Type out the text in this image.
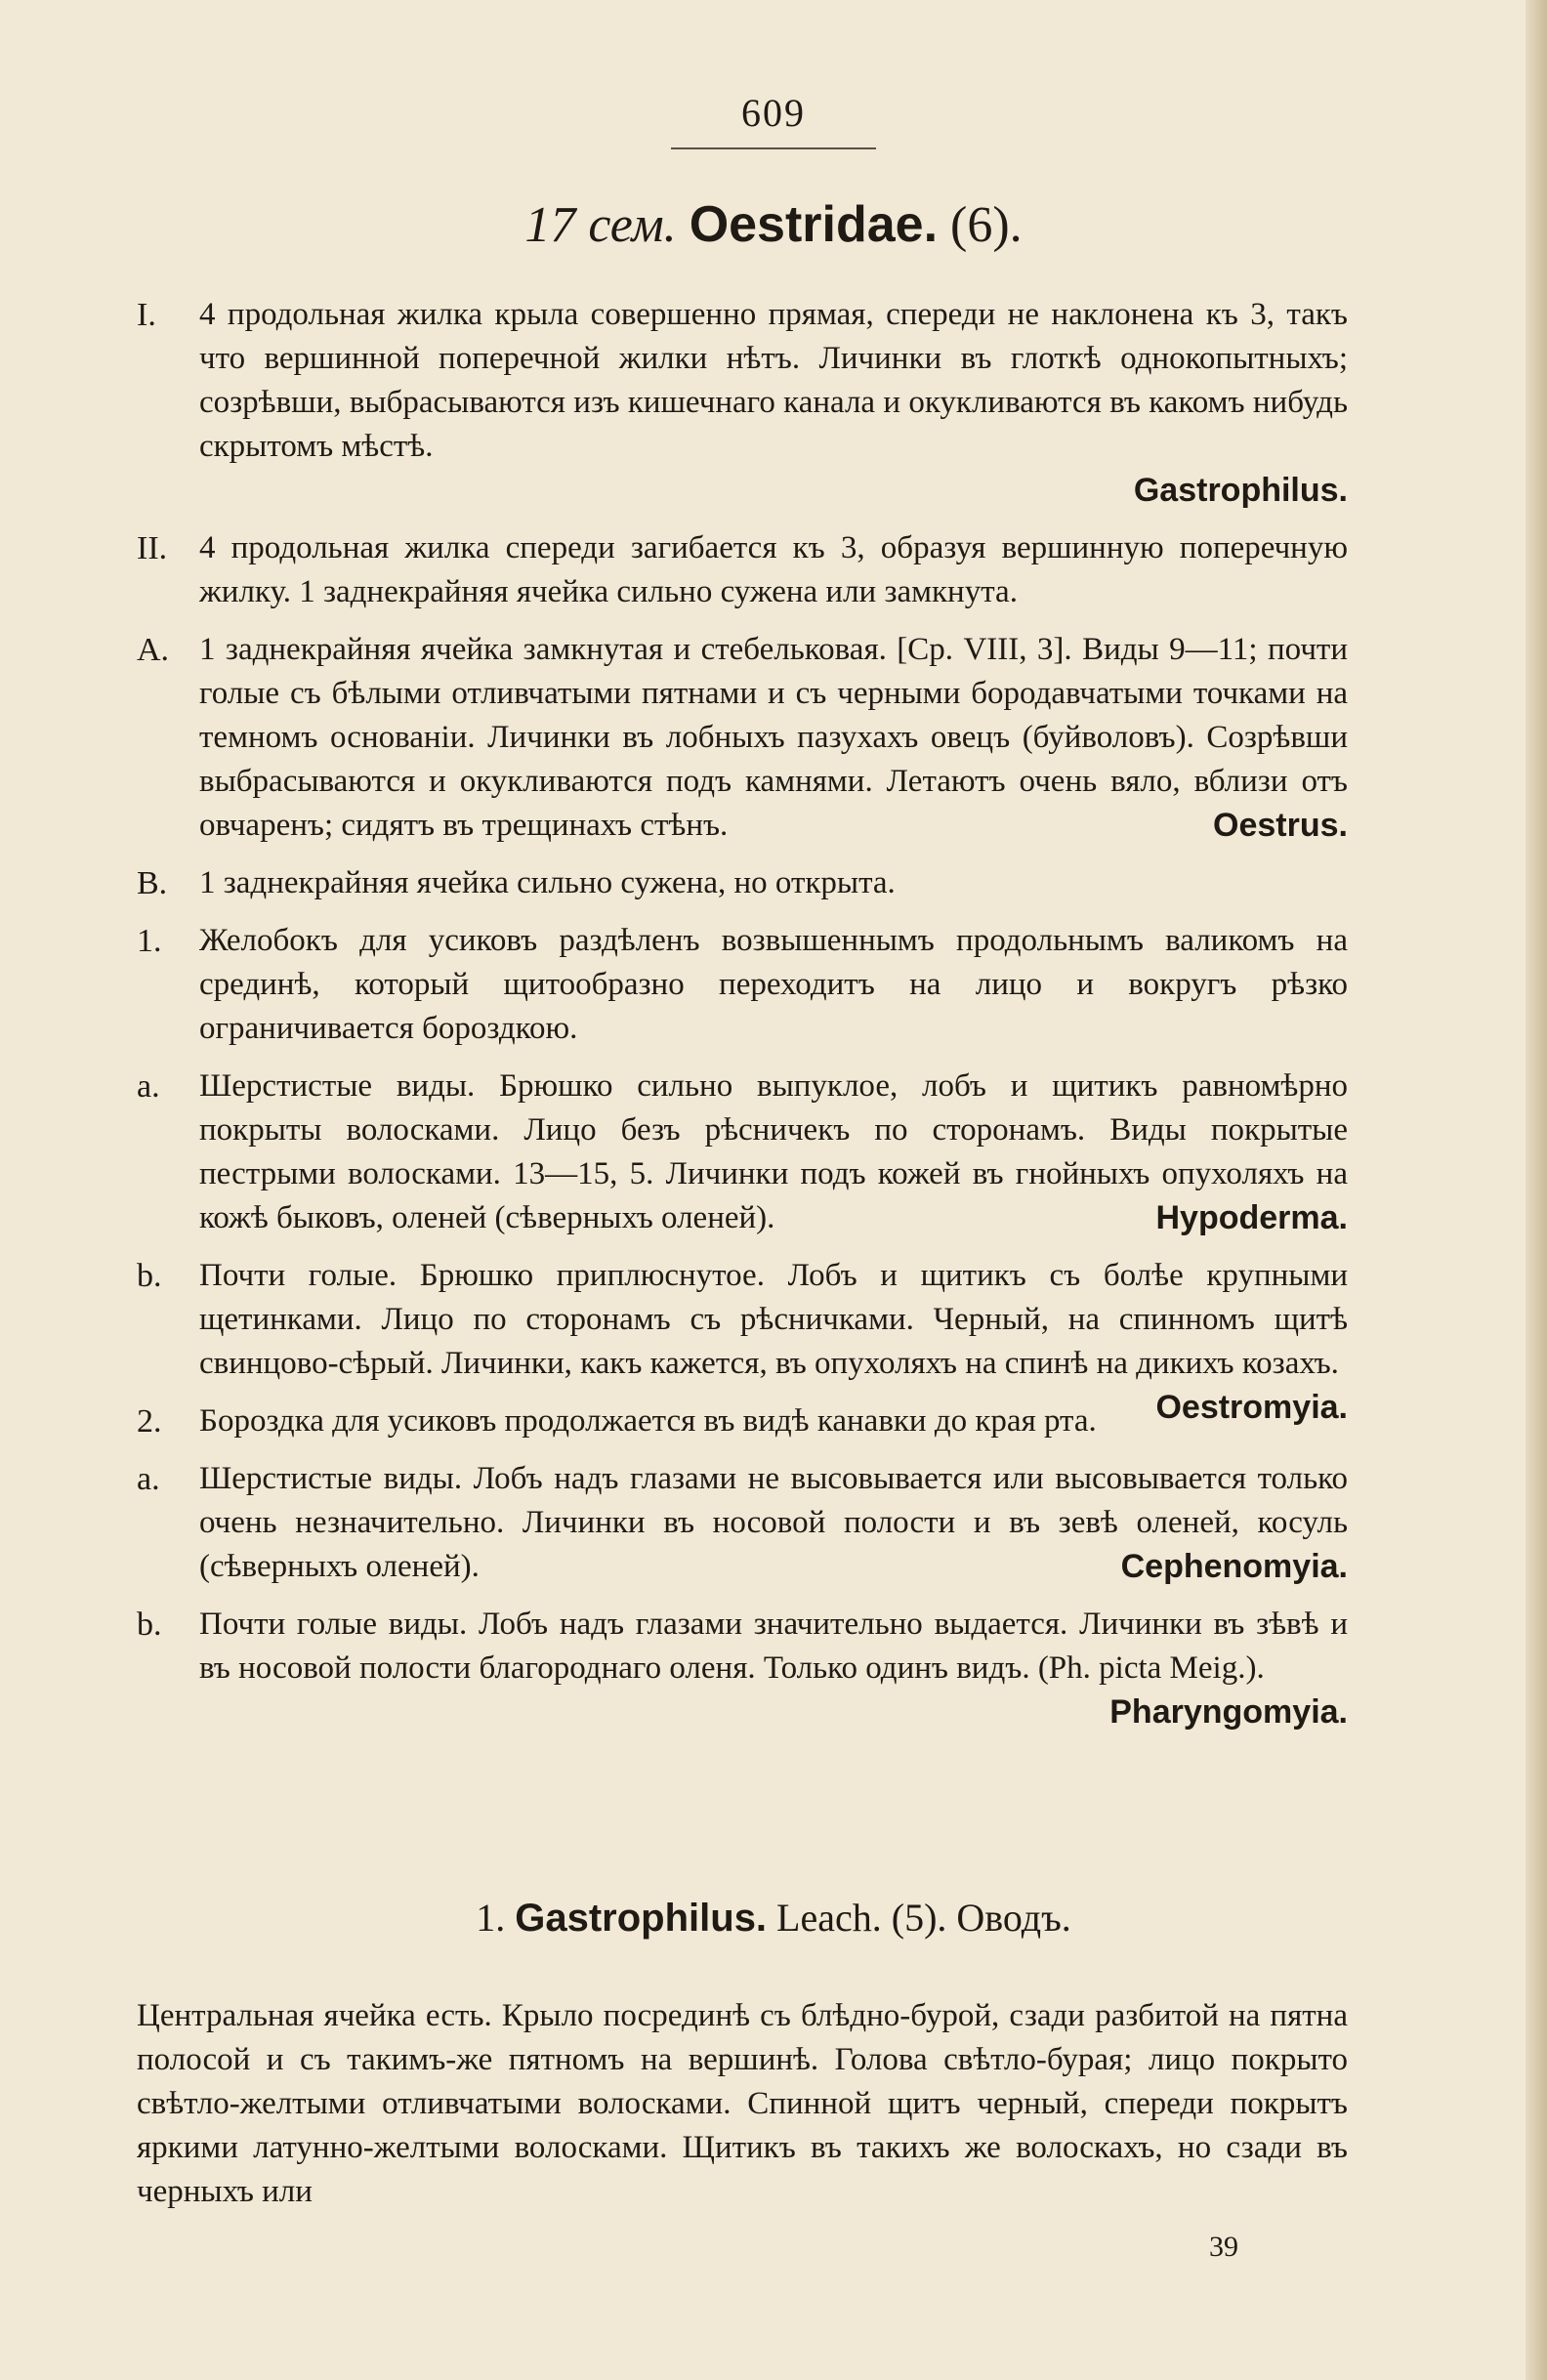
609
17 сем. Oestridae. (6).
I. 4 продольная жилка крыла совершенно прямая, спереди не наклонена къ 3, такъ что вершинной поперечной жилки нѣтъ. Личинки въ глоткѣ однокопытныхъ; созрѣвши, выбрасываются изъ кишечнаго канала и окукливаются въ какомъ нибудь скрытомъ мѣстѣ.
Gastrophilus.
II. 4 продольная жилка спереди загибается къ 3, образуя вершинную поперечную жилку. 1 заднекрайняя ячейка сильно сужена или замкнута.
A. 1 заднекрайняя ячейка замкнутая и стебельковая. [Ср. VIII, 3]. Виды 9—11; почти голые съ бѣлыми отливчатыми пятнами и съ черными бородавчатыми точками на темномъ основаніи. Личинки въ лобныхъ пазухахъ овецъ (буйволовъ). Созрѣвши выбрасываются и окукливаются подъ камнями. Летаютъ очень вяло, вблизи отъ овчаренъ; сидятъ въ трещинахъ стѣнъ.	Oestrus.
B. 1 заднекрайняя ячейка сильно сужена, но открыта.
1. Желобокъ для усиковъ раздѣленъ возвышеннымъ продольнымъ валикомъ на срединѣ, который щитообразно переходитъ на лицо и вокругъ рѣзко ограничивается бороздкою.
a. Шерстистые виды. Брюшко сильно выпуклое, лобъ и щитикъ равномѣрно покрыты волосками. Лицо безъ рѣсничекъ по сторонамъ. Виды покрытые пестрыми волосками. 13—15, 5. Личинки подъ кожей въ гнойныхъ опухоляхъ на кожѣ быковъ, оленей (сѣверныхъ оленей).	Hypoderma.
b. Почти голые. Брюшко приплюснутое. Лобъ и щитикъ съ болѣе крупными щетинками. Лицо по сторонамъ съ рѣсничками. Черный, на спинномъ щитѣ свинцово-сѣрый. Личинки, какъ кажется, въ опухоляхъ на спинѣ на дикихъ козахъ.
Oestromyia.
2. Бороздка для усиковъ продолжается въ видѣ канавки до края рта.
a. Шерстистые виды. Лобъ надъ глазами не высовывается или высовывается только очень незначительно. Личинки въ носовой полости и въ зевѣ оленей, косуль (сѣверныхъ оленей).	Cephenomyia.
b. Почти голые виды. Лобъ надъ глазами значительно выдается. Личинки въ зѣвѣ и въ носовой полости благороднаго оленя. Только одинъ видъ. (Ph. picta Meig.).
Pharyngomyia.
1. Gastrophilus. Leach. (5). Оводъ.
Центральная ячейка есть. Крыло посрединѣ съ блѣдно-бурой, сзади разбитой на пятна полосой и съ такимъ-же пятномъ на вершинѣ. Голова свѣтло-бурая; лицо покрыто свѣтло-желтыми отливчатыми волосками. Спинной щитъ черный, спереди покрытъ яркими латунно-желтыми волосками. Щитикъ въ такихъ же волоскахъ, но сзади въ черныхъ или
39
